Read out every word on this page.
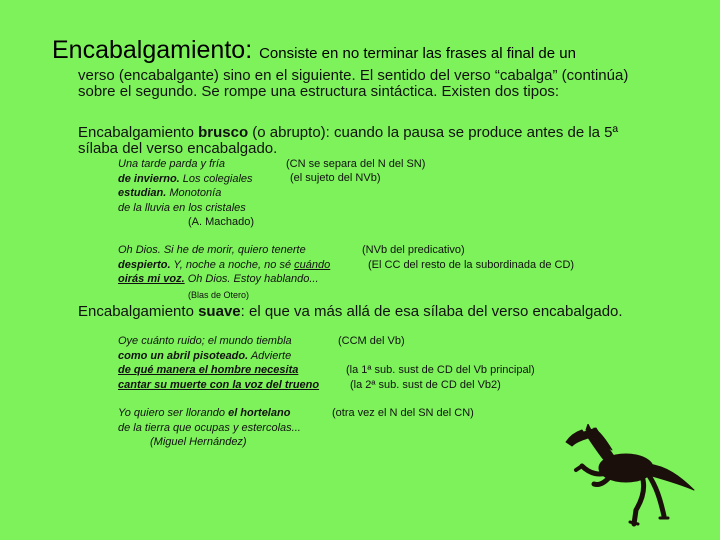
Encabalgamiento: Consiste en no terminar las frases al final de un
verso (encabalgante) sino en el siguiente. El sentido del verso “cabalga” (continúa)
sobre el segundo. Se rompe una estructura sintáctica. Existen dos tipos:
Encabalgamiento brusco (o abrupto): cuando la pausa se produce antes de la 5ª
sílaba del verso encabalgado.
Una tarde parda y fría
de invierno. Los colegiales
estudian. Monotonía
de la lluvia en los cristales
(A. Machado)
(CN se separa del N del SN)
(el sujeto del NVb)
Oh Dios. Si he de morir, quiero tenerte
despierto. Y, noche a noche, no sé cuándo
oirás mi voz. Oh Dios. Estoy hablando...
(Blas de Otero)
(NVb del predicativo)
(El CC del resto de la subordinada de CD)
Encabalgamiento suave: el que va más allá de esa sílaba del verso encabalgado.
Oye cuánto ruido; el mundo tiembla
como un abril pisoteado. Advierte
de qué manera el hombre necesita
cantar su muerte con la voz del trueno
(CCM del Vb)
(la 1ª sub. sust de CD del Vb principal)
(la 2ª sub. sust de CD del Vb2)
Yo quiero ser llorando el hortelano
de la tierra que ocupas y estercolas...
(Miguel Hernández)
(otra vez el N del SN del CN)
